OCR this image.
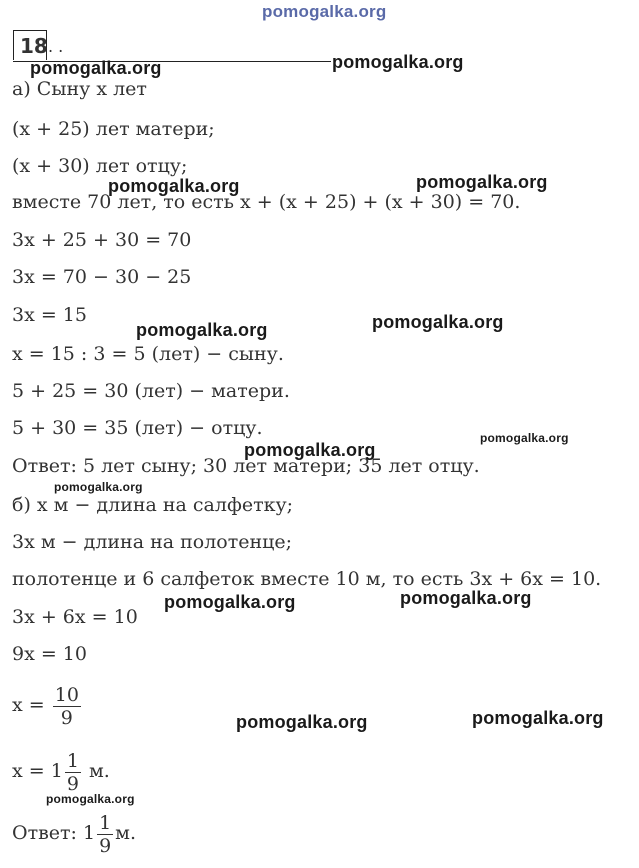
pomogalka.org
18 . .
pomogalka.org	pomogalka.org
а) Сыну x лет
(x + 25) лет матери;
(x + 30) лет отцу;
pomogalka.org	pomogalka.org
вместе 70 лет, то есть x + (x + 25) + (x + 30) = 70.
3x + 25 + 30 = 70
3x = 70 − 30 − 25
3x = 15
pomogalka.org	pomogalka.org
x = 15 : 3 = 5 (лет) − сыну.
5 + 25 = 30 (лет) − матери.
5 + 30 = 35 (лет) − отцу.
pomogalka.org
pomogalka.org
Ответ: 5 лет сыну; 30 лет матери; 35 лет отцу.
pomogalka.org
б) x м − длина на салфетку;
3x м − длина на полотенце;
полотенце и 6 салфеток вместе 10 м, то есть 3x + 6x = 10.
pomogalka.org	pomogalka.org
3x + 6x = 10
9x = 10
$x = \frac{10}{9}$	pomogalka.org	pomogalka.org
$x = 1 \frac{1}{9} м$.
pomogalka.org
Ответ: $1 \frac{1}{9} м$.
